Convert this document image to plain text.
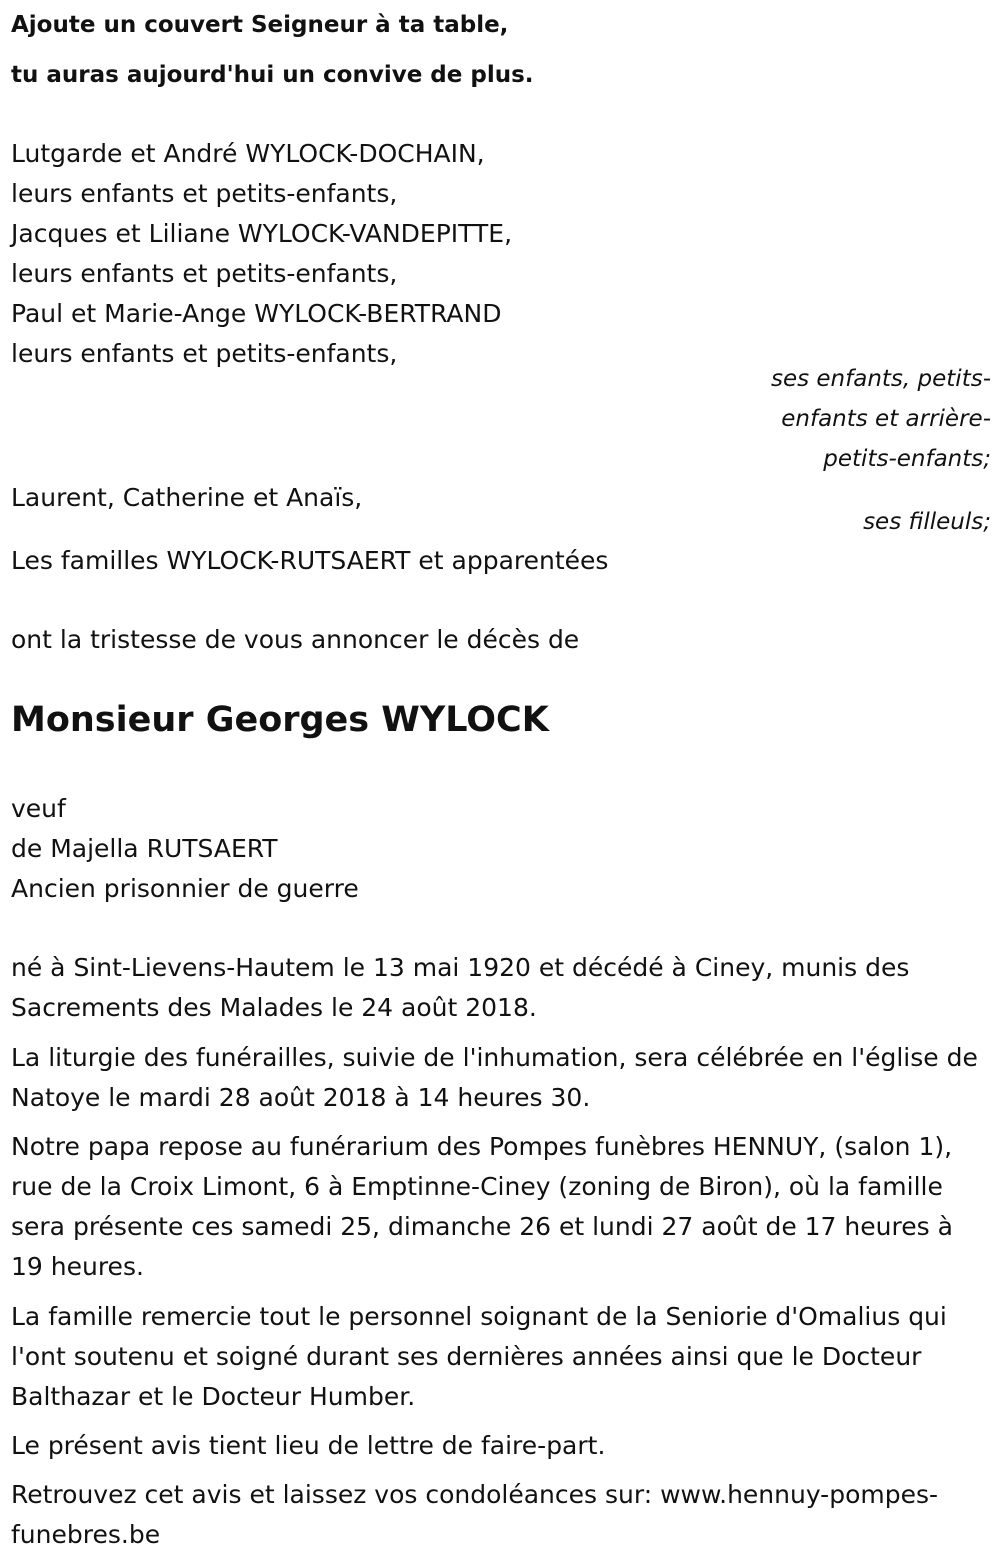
Ajoute un couvert Seigneur à ta table,

tu auras aujourd'hui un convive de plus.

Lutgarde et André WYLOCK-DOCHAIN,
leurs enfants et petits-enfants,
Jacques et Liliane WYLOCK-VANDEPITTE,
leurs enfants et petits-enfants,
Paul et Marie-Ange WYLOCK-BERTRAND
leurs enfants et petits-enfants,
ses enfants, petits-
enfants et arrière-
petits-enfants;
Laurent, Catherine et Anaïs,
ses filleuls;
Les familles WYLOCK-RUTSAERT et apparentées
ont la tristesse de vous annoncer le décès de
Monsieur Georges WYLOCK
veuf
de Majella RUTSAERT
Ancien prisonnier de guerre
né à Sint-Lievens-Hautem le 13 mai 1920 et décédé à Ciney, munis des Sacrements des Malades le 24 août 2018.
La liturgie des funérailles, suivie de l'inhumation, sera célébrée en l'église de Natoye le mardi 28 août 2018 à 14 heures 30.
Notre papa repose au funérarium des Pompes funèbres HENNUY, (salon 1), rue de la Croix Limont, 6 à Emptinne-Ciney (zoning de Biron), où la famille sera présente ces samedi 25, dimanche 26 et lundi 27 août de 17 heures à 19 heures.
La famille remercie tout le personnel soignant de la Seniorie d'Omalius qui l'ont soutenu et soigné durant ses dernières années ainsi que le Docteur Balthazar et le Docteur Humber.
Le présent avis tient lieu de lettre de faire-part.
Retrouvez cet avis et laissez vos condoléances sur: www.hennuy-pompes-funebres.be
